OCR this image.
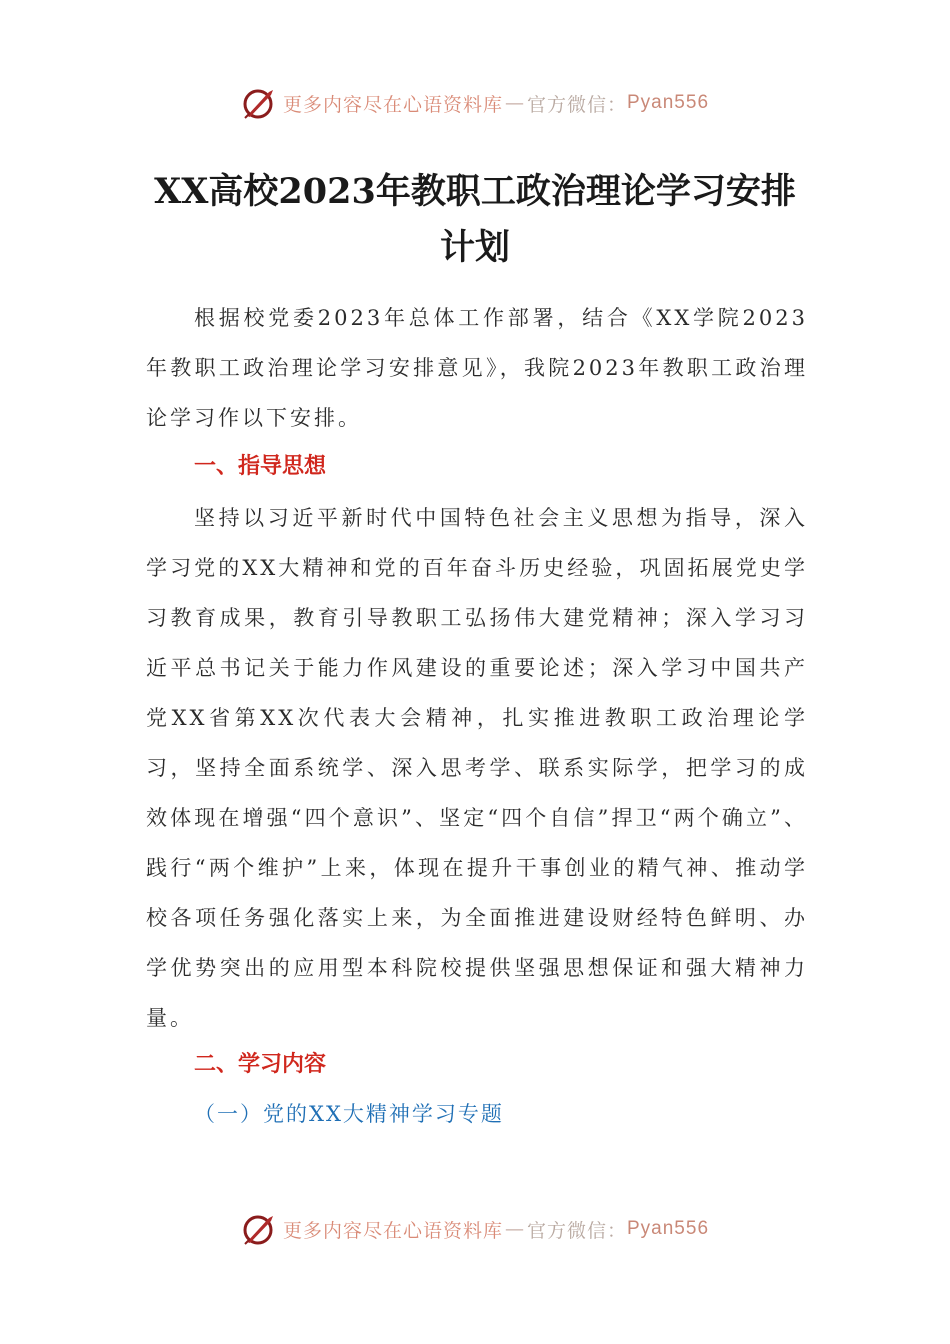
更多内容尽在心语资料库 — 官方微信： Pyan556
XX高校2023年教职工政治理论学习安排计划
根据校党委2023年总体工作部署，结合《XX学院2023年教职工政治理论学习安排意见》，我院2023年教职工政治理论学习作以下安排。
一、指导思想
坚持以习近平新时代中国特色社会主义思想为指导，深入学习党的XX大精神和党的百年奋斗历史经验，巩固拓展党史学习教育成果，教育引导教职工弘扬伟大建党精神；深入学习习近平总书记关于能力作风建设的重要论述；深入学习中国共产党XX省第XX次代表大会精神，扎实推进教职工政治理论学习，坚持全面系统学、深入思考学、联系实际学，把学习的成效体现在增强“四个意识”、坚定“四个自信”捍卫“两个确立”、践行“两个维护”上来，体现在提升干事创业的精气神、推动学校各项任务强化落实上来，为全面推进建设财经特色鲜明、办学优势突出的应用型本科院校提供坚强思想保证和强大精神力量。
二、学习内容
（一）党的XX大精神学习专题
更多内容尽在心语资料库 — 官方微信： Pyan556
